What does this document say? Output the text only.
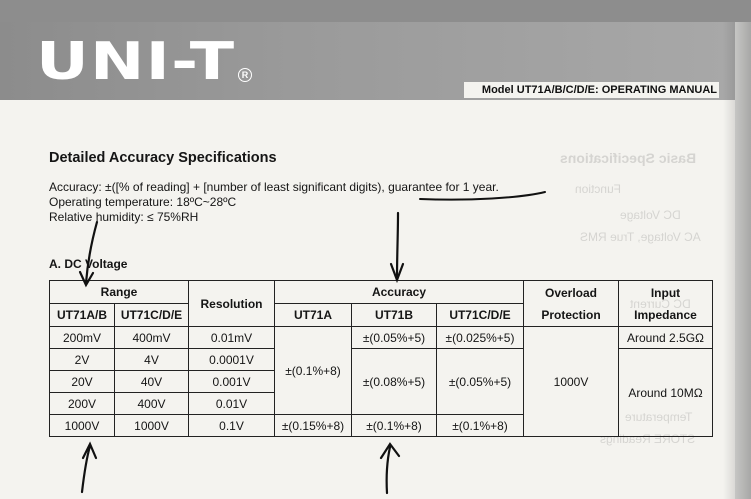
UNI-T R
Model UT71A/B/C/D/E: OPERATING MANUAL
Basic Specifications
Function
DC Voltage
AC Voltage, True RMS
DC Current
Temperature
STORE Readings
Detailed Accuracy Specifications
Accuracy: ±([% of reading] + [number of least significant digits), guarantee for 1 year.
Operating temperature: 18ºC~28ºC
Relative humidity: ≤ 75%RH
A. DC Voltage
Range		Resolution	Accuracy			Overload Protection	Input Impedance
UT71A/B	UT71C/D/E		UT71A	UT71B	UT71C/D/E		
200mV	400mV	0.01mV	±(0.1%+8)	±(0.05%+5)	±(0.025%+5)	1000V	Around 2.5GΩ
2V	4V	0.0001V		±(0.08%+5)	±(0.05%+5)		Around 10MΩ
20V	40V	0.001V					
200V	400V	0.01V					
1000V	1000V	0.1V	±(0.15%+8)	±(0.1%+8)	±(0.1%+8)		
